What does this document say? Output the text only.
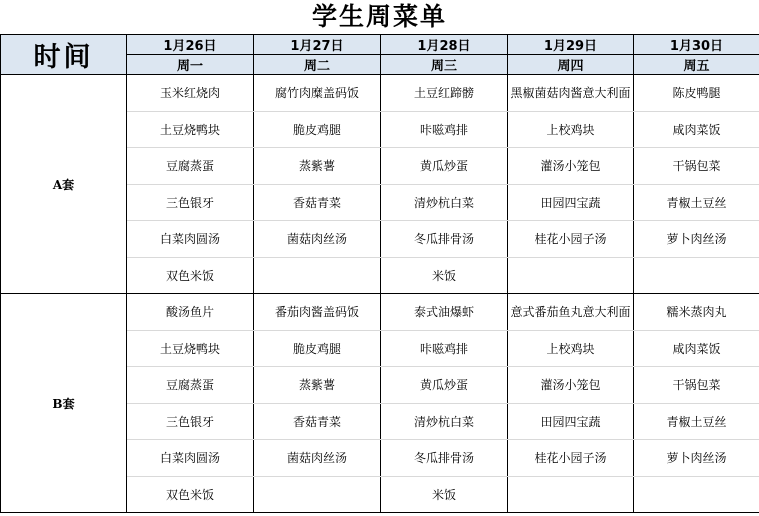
学生周菜单
时间	1月26日	1月27日	1月28日	1月29日	1月30日
	周一	周二	周三	周四	周五
A套	玉米红烧肉	腐竹肉糜盖码饭	土豆红蹄髈	黑椒菌菇肉酱意大利面	陈皮鸭腿
	土豆烧鸭块	脆皮鸡腿	咔嗞鸡排	上校鸡块	咸肉菜饭
	豆腐蒸蛋	蒸紫薯	黄瓜炒蛋	灌汤小笼包	干锅包菜
	三色银牙	香菇青菜	清炒杭白菜	田园四宝蔬	青椒土豆丝
	白菜肉圆汤	菌菇肉丝汤	冬瓜排骨汤	桂花小园子汤	萝卜肉丝汤
	双色米饭		米饭		
B套	酸汤鱼片	番茄肉酱盖码饭	泰式油爆虾	意式番茄鱼丸意大利面	糯米蒸肉丸
	土豆烧鸭块	脆皮鸡腿	咔嗞鸡排	上校鸡块	咸肉菜饭
	豆腐蒸蛋	蒸紫薯	黄瓜炒蛋	灌汤小笼包	干锅包菜
	三色银牙	香菇青菜	清炒杭白菜	田园四宝蔬	青椒土豆丝
	白菜肉圆汤	菌菇肉丝汤	冬瓜排骨汤	桂花小园子汤	萝卜肉丝汤
	双色米饭		米饭		
